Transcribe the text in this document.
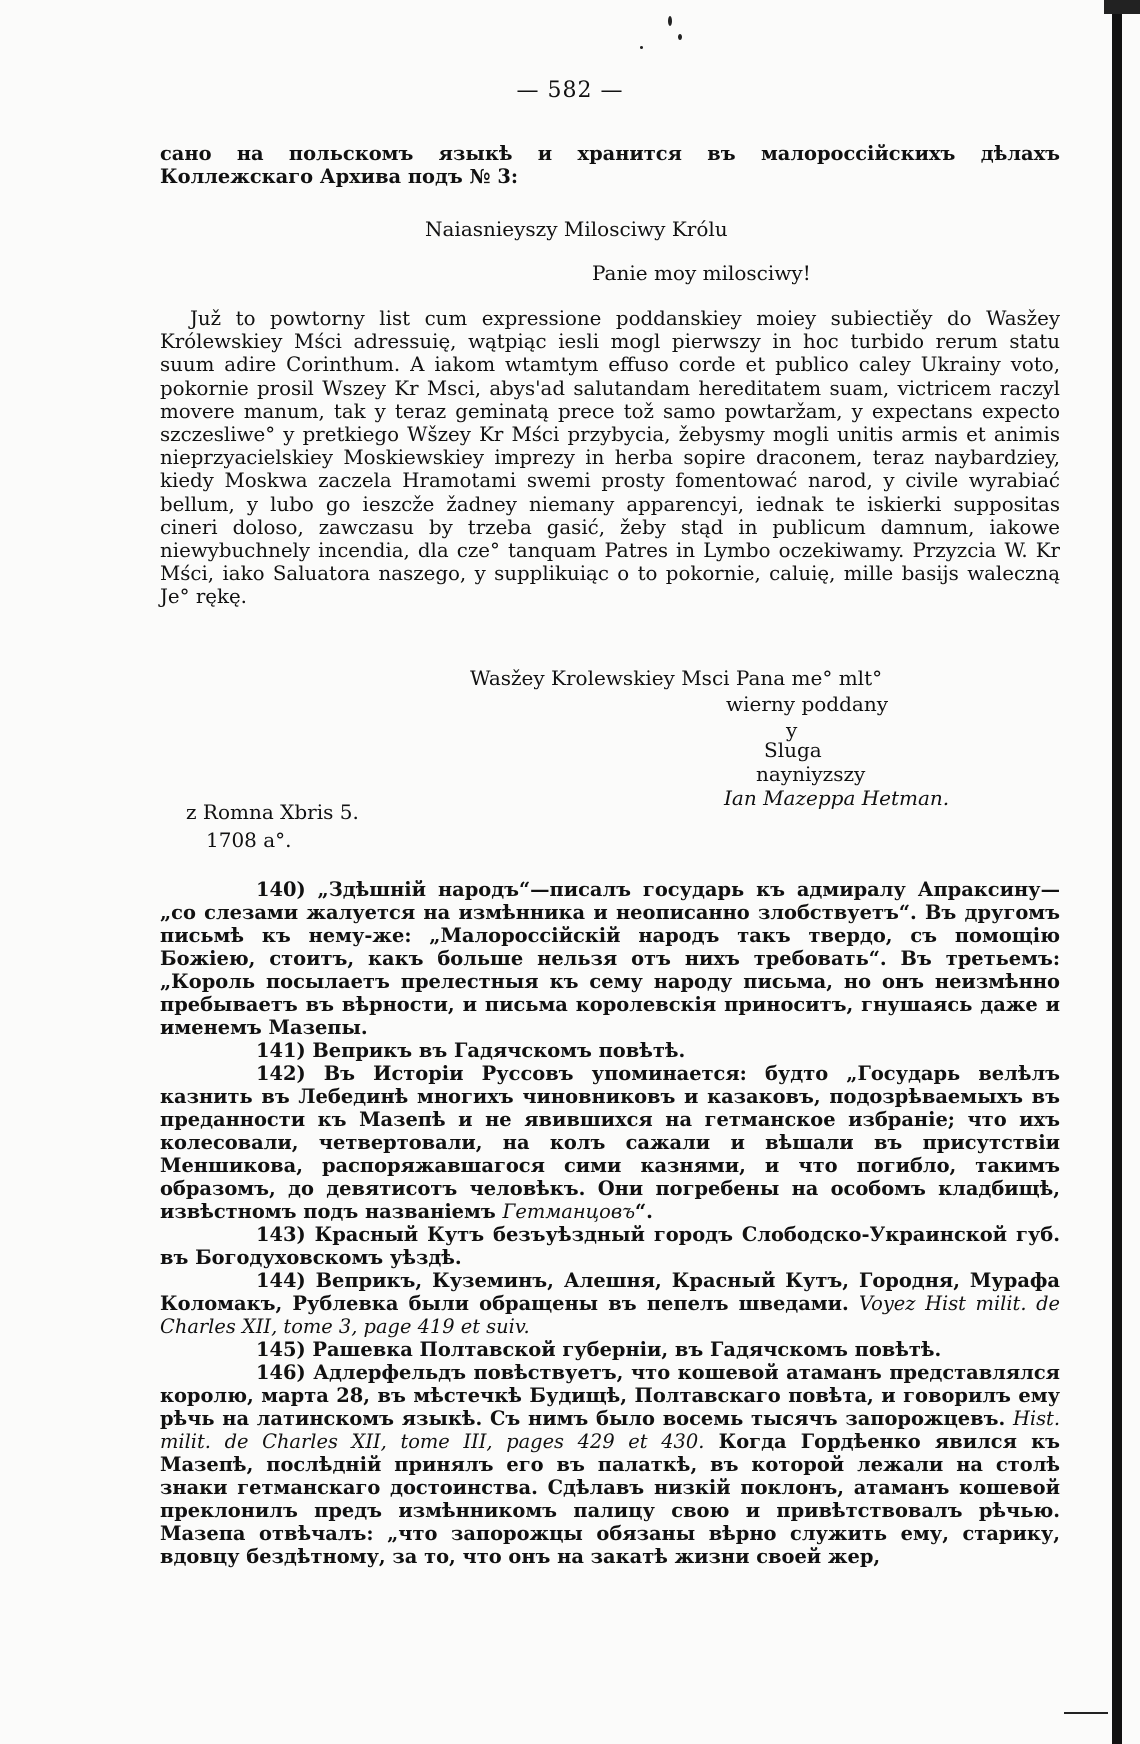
— 582 —
сано на польскомъ языкѣ и хранится въ малороссійскихъ дѣлахъ Коллежскаго Архива подъ № 3:
Naiasnieyszy Milosciwy Królu
Panie moy milosciwy!
Juž to powtorny list cum expressione poddanskiey moiey subiectiěy do Wasžey Królewskiey Mści adressuię, wątpiąc iesli mogl pierwszy in hoc turbido rerum statu suum adire Corinthum. A iakom wtamtym effuso corde et publico caley Ukrainy voto, pokornie prosil Wszey Kr Msci, abys'ad salutandam hereditatem suam, victricem raczyl movere manum, tak y teraz geminatą prece tož samo powtaržam, y expectans expecto szczesliwe° y pretkiego Wšzey Kr Mści przybycia, žebysmy mogli unitis armis et animis nieprzyacielskiey Moskiewskiey imprezy in herba sopire draconem, teraz naybardziey, kiedy Moskwa zaczela Hramotami swemi prosty fomentować narod, y civile wyrabiać bellum, y lubo go ieszcže žadney niemany apparencyi, iednak te iskierki suppositas cineri doloso, zawczasu by trzeba gasić, žeby stąd in publicum damnum, iakowe niewybuchnely incendia, dla cze° tanquam Patres in Lymbo oczekiwamy. Przyzcia W. Kr Mści, iako Saluatora naszego, y supplikuiąc o to pokornie, caluię, mille basijs waleczną Je° rękę.
Wasžey Krolewskiey Msci Pana me° mlt°
wierny poddany
y
Sluga
nayniyzszy
Ian Mazeppa Hetman.
z Romna Xbris 5.
1708 a°.

140) „Здѣшній народъ“—писалъ государь къ адмиралу Апраксину— „со слезами жалуется на измѣнника и неописанно злобствуетъ“. Въ другомъ письмѣ къ нему-же: „Малороссійскій народъ такъ твердо, съ помощію Божіею, стоитъ, какъ больше нельзя отъ нихъ требовать“. Въ третьемъ: „Король посылаетъ прелестныя къ сему народу письма, но онъ неизмѣнно пребываетъ въ вѣрности, и письма королевскія приноситъ, гнушаясь даже и именемъ Мазепы.

141) Веприкъ въ Гадячскомъ повѣтѣ.

142) Въ Исторіи Руссовъ упоминается: будто „Государь велѣлъ казнить въ Лебединѣ многихъ чиновниковъ и казаковъ, подозрѣваемыхъ въ преданности къ Мазепѣ и не явившихся на гетманское избраніе; что ихъ колесовали, четвертовали, на колъ сажали и вѣшали въ присутствіи Меншикова, распоряжавшагося сими казнями, и что погибло, такимъ образомъ, до девятисотъ человѣкъ. Они погребены на особомъ кладбищѣ, извѣстномъ подъ названіемъ Гетманцовъ“.

143) Красный Кутъ безъуѣздный городъ Слободско-Украинской губ. въ Богодуховскомъ уѣздѣ.

144) Веприкъ, Куземинъ, Алешня, Красный Кутъ, Городня, Мурафа Коломакъ, Рублевка были обращены въ пепелъ шведами. Voyez Hist milit. de Charles XII, tome 3, page 419 et suiv.

145) Рашевка Полтавской губерніи, въ Гадячскомъ повѣтѣ.

146) Адлерфельдъ повѣствуетъ, что кошевой атаманъ представлялся королю, марта 28, въ мѣстечкѣ Будищѣ, Полтавскаго повѣта, и говорилъ ему рѣчь на латинскомъ языкѣ. Съ нимъ было восемь тысячъ запорожцевъ. Hist. milit. de Charles XII, tome III, pages 429 et 430. Когда Гордѣенко явился къ Мазепѣ, послѣдній принялъ его въ палаткѣ, въ которой лежали на столѣ знаки гетманскаго достоинства. Сдѣлавъ низкій поклонъ, атаманъ кошевой преклонилъ предъ измѣнникомъ палицу свою и привѣтствовалъ рѣчью. Мазепа отвѣчалъ: „что запорожцы обязаны вѣрно служить ему, старику, вдовцу бездѣтному, за то, что онъ на закатѣ жизни своей жер,
